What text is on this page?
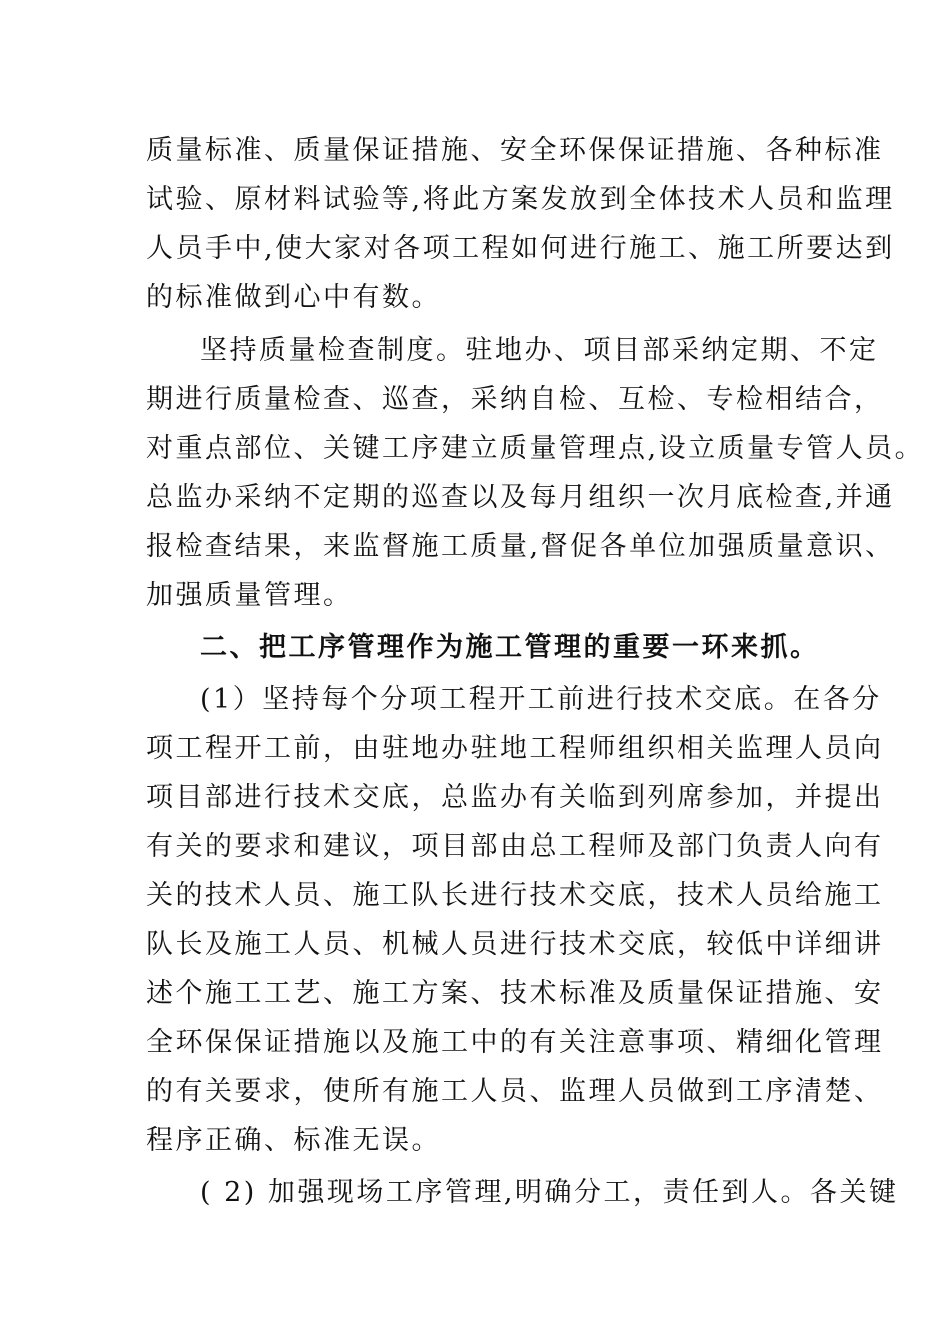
质量标准、质量保证措施、安全环保保证措施、各种标准
试验、原材料试验等,将此方案发放到全体技术人员和监理
人员手中,使大家对各项工程如何进行施工、施工所要达到
的标准做到心中有数。
坚持质量检查制度。驻地办、项目部采纳定期、不定
期进行质量检查、巡查，采纳自检、互检、专检相结合，
对重点部位、关键工序建立质量管理点,设立质量专管人员。
总监办采纳不定期的巡查以及每月组织一次月底检查,并通
报检查结果，来监督施工质量,督促各单位加强质量意识、
加强质量管理。
二、把工序管理作为施工管理的重要一环来抓。
(1）坚持每个分项工程开工前进行技术交底。在各分
项工程开工前，由驻地办驻地工程师组织相关监理人员向
项目部进行技术交底，总监办有关临到列席参加，并提出
有关的要求和建议，项目部由总工程师及部门负责人向有
关的技术人员、施工队长进行技术交底，技术人员给施工
队长及施工人员、机械人员进行技术交底，较低中详细讲
述个施工工艺、施工方案、技术标准及质量保证措施、安
全环保保证措施以及施工中的有关注意事项、精细化管理
的有关要求，使所有施工人员、监理人员做到工序清楚、
程序正确、标准无误。
( 2) 加强现场工序管理,明确分工，责任到人。各关键
